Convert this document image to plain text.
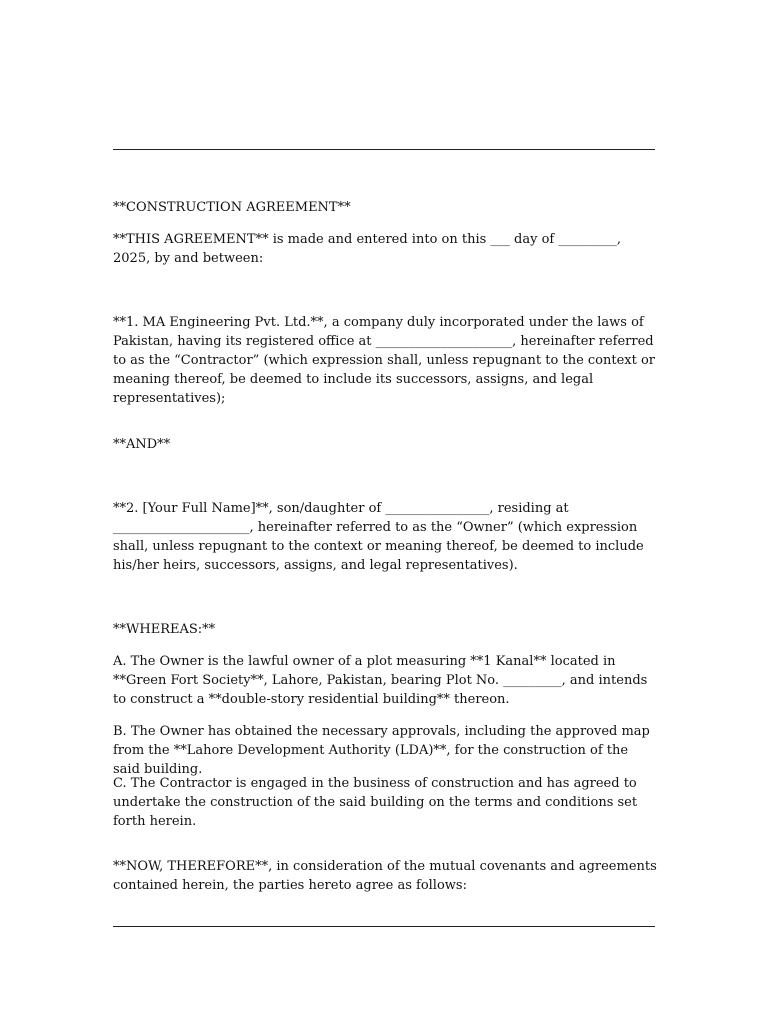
**CONSTRUCTION AGREEMENT**

**THIS AGREEMENT** is made and entered into on this ___ day of _________, 2025, by and between:

**1. MA Engineering Pvt. Ltd.**, a company duly incorporated under the laws of Pakistan, having its registered office at _____________________, hereinafter referred to as the “Contractor” (which expression shall, unless repugnant to the context or meaning thereof, be deemed to include its successors, assigns, and legal representatives);

**AND**

**2. [Your Full Name]**, son/daughter of ________________, residing at _____________________, hereinafter referred to as the “Owner” (which expression shall, unless repugnant to the context or meaning thereof, be deemed to include his/her heirs, successors, assigns, and legal representatives).

**WHEREAS:**

A. The Owner is the lawful owner of a plot measuring **1 Kanal** located in **Green Fort Society**, Lahore, Pakistan, bearing Plot No. _________, and intends to construct a **double-story residential building** thereon.

B. The Owner has obtained the necessary approvals, including the approved map from the **Lahore Development Authority (LDA)**, for the construction of the said building.

C. The Contractor is engaged in the business of construction and has agreed to undertake the construction of the said building on the terms and conditions set forth herein.

**NOW, THEREFORE**, in consideration of the mutual covenants and agreements contained herein, the parties hereto agree as follows:
